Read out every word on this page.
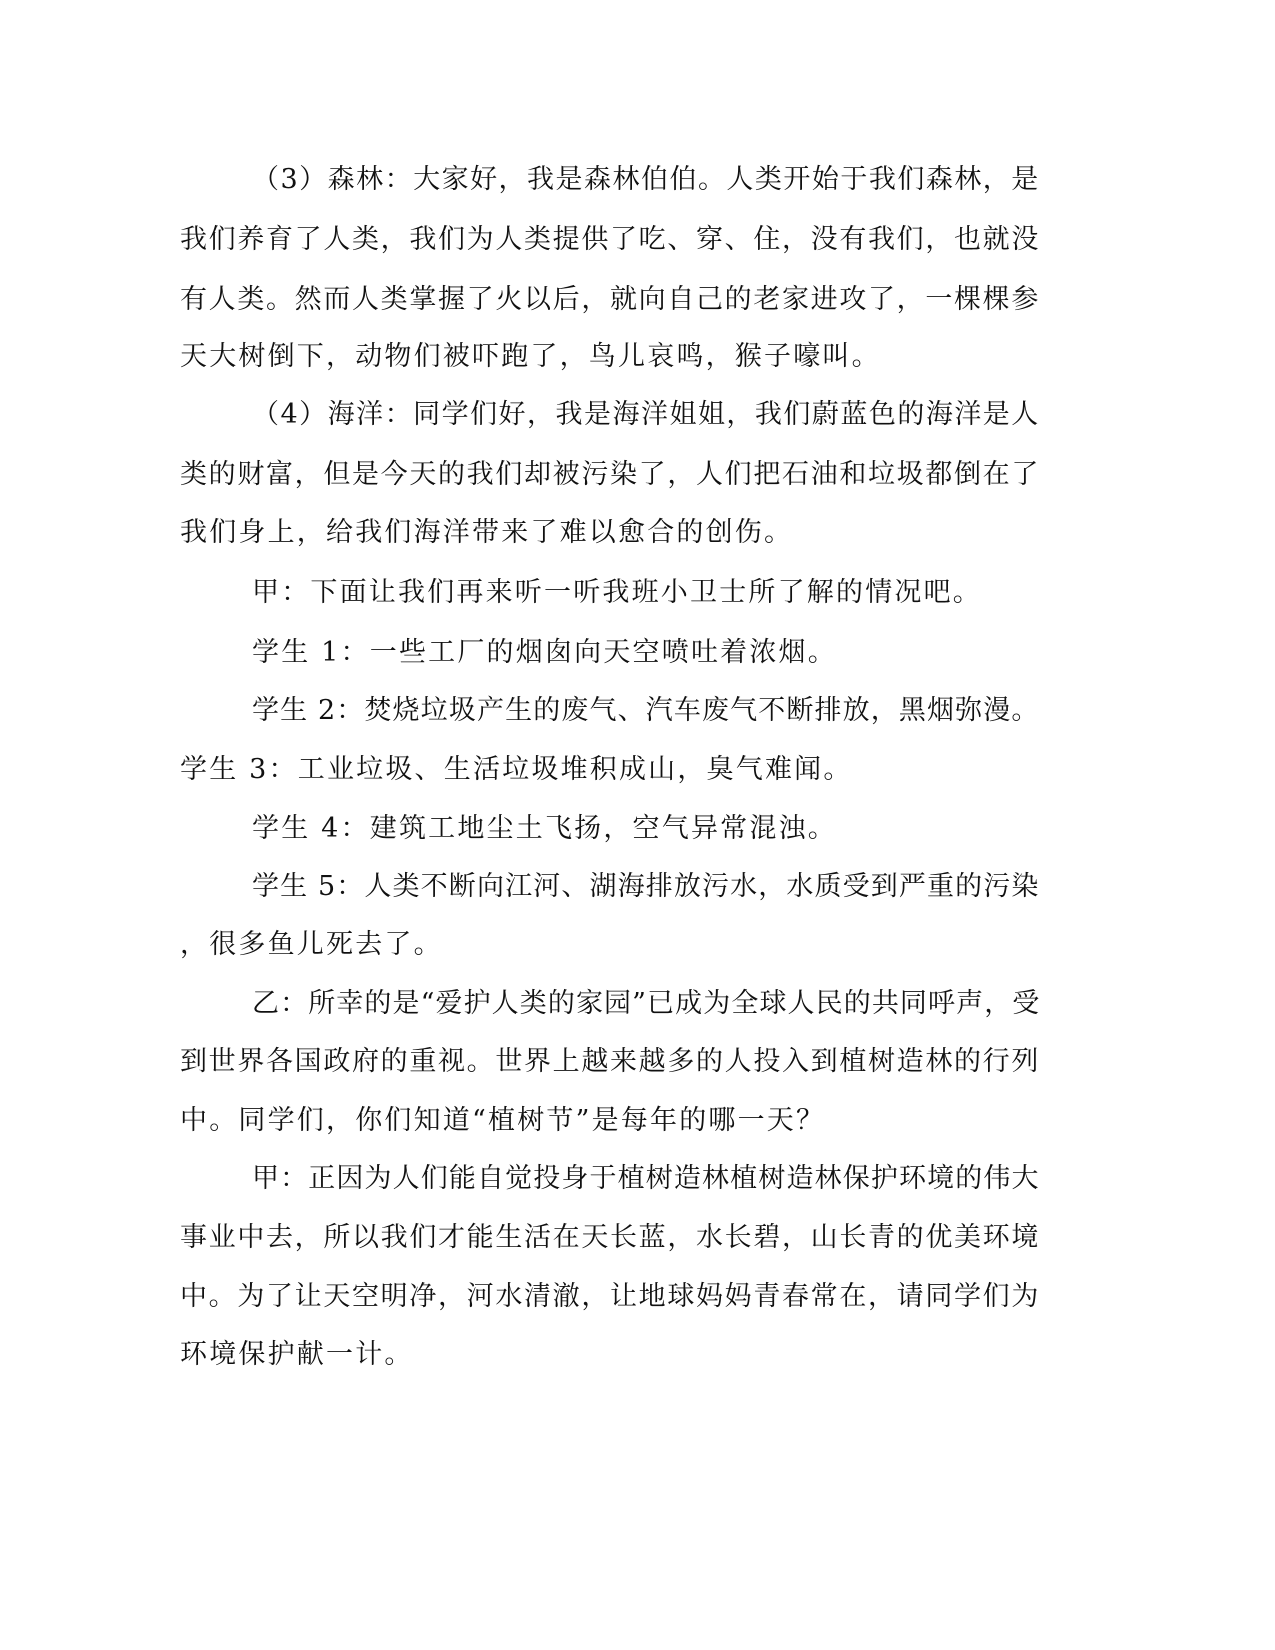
（3）森林：大家好，我是森林伯伯。人类开始于我们森林，是
我们养育了人类，我们为人类提供了吃、穿、住，没有我们，也就没
有人类。然而人类掌握了火以后，就向自己的老家进攻了，一棵棵参
天大树倒下，动物们被吓跑了，鸟儿哀鸣，猴子嚎叫。
（4）海洋：同学们好，我是海洋姐姐，我们蔚蓝色的海洋是人
类的财富，但是今天的我们却被污染了，人们把石油和垃圾都倒在了
我们身上，给我们海洋带来了难以愈合的创伤。
甲：下面让我们再来听一听我班小卫士所了解的情况吧。
学生 1：一些工厂的烟囱向天空喷吐着浓烟。
学生 2：焚烧垃圾产生的废气、汽车废气不断排放，黑烟弥漫。
学生 3：工业垃圾、生活垃圾堆积成山，臭气难闻。
学生 4：建筑工地尘土飞扬，空气异常混浊。
学生 5：人类不断向江河、湖海排放污水，水质受到严重的污染
，很多鱼儿死去了。
乙：所幸的是“爱护人类的家园”已成为全球人民的共同呼声，受
到世界各国政府的重视。世界上越来越多的人投入到植树造林的行列
中。同学们，你们知道“植树节”是每年的哪一天？
甲：正因为人们能自觉投身于植树造林植树造林保护环境的伟大
事业中去，所以我们才能生活在天长蓝，水长碧，山长青的优美环境
中。为了让天空明净，河水清澈，让地球妈妈青春常在，请同学们为
环境保护献一计。
